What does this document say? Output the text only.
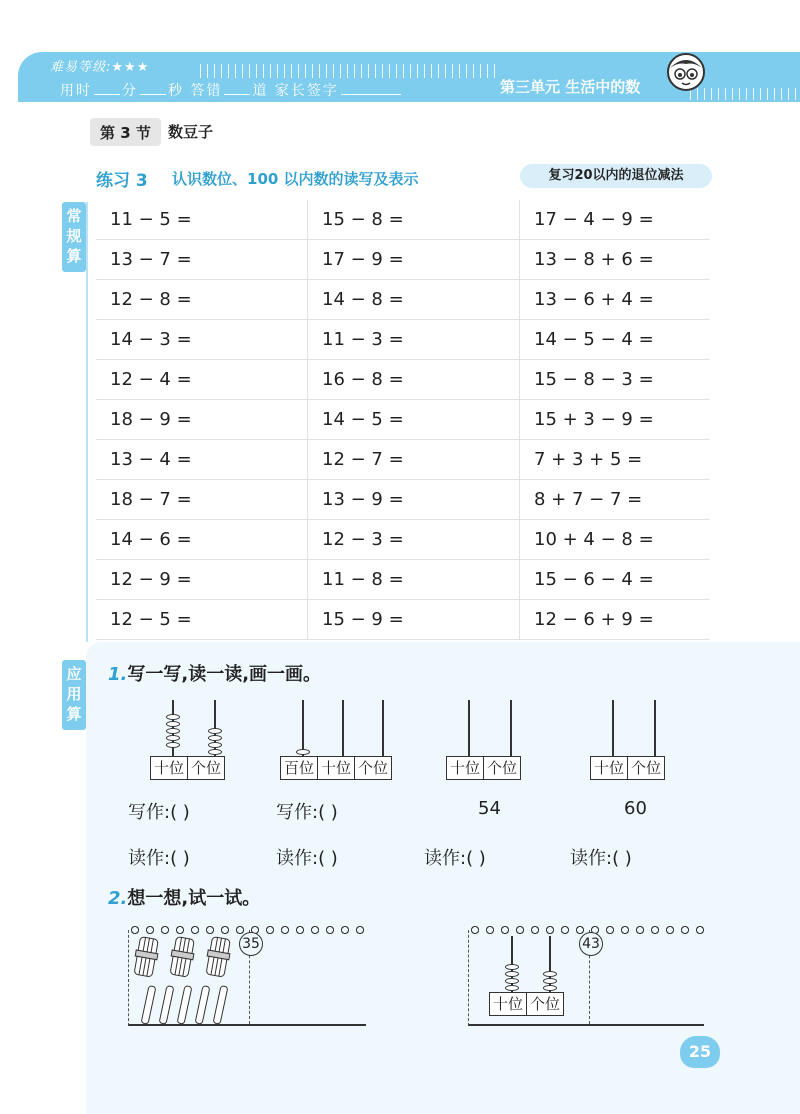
难易等级:★★★
用时 分 秒 答错 道 家长签字	第三单元 生活中的数
第 3 节	数豆子
练习 3 认识数位、100 以内数的读写及表示	复习20以内的退位减法
常规算
11 − 5 =	15 − 8 =	17 − 4 − 9 =
13 − 7 =	17 − 9 =	13 − 8 + 6 =
12 − 8 =	14 − 8 =	13 − 6 + 4 =
14 − 3 =	11 − 3 =	14 − 5 − 4 =
12 − 4 =	16 − 8 =	15 − 8 − 3 =
18 − 9 =	14 − 5 =	15 + 3 − 9 =
13 − 4 =	12 − 7 =	7 + 3 + 5 =
18 − 7 =	13 − 9 =	8 + 7 − 7 =
14 − 6 =	12 − 3 =	10 + 4 − 8 =
12 − 9 =	11 − 8 =	15 − 6 − 4 =
12 − 5 =	15 − 9 =	12 − 6 + 9 =
应用算
1.写一写,读一读,画一画。
十位 个位	百位 十位 个位	十位 个位	十位 个位
写作:( )	写作:( )	54	60
读作:( )	读作:( )	读作:( )	读作:( )
2.想一想,试一试。
35
十位 个位
43
25
